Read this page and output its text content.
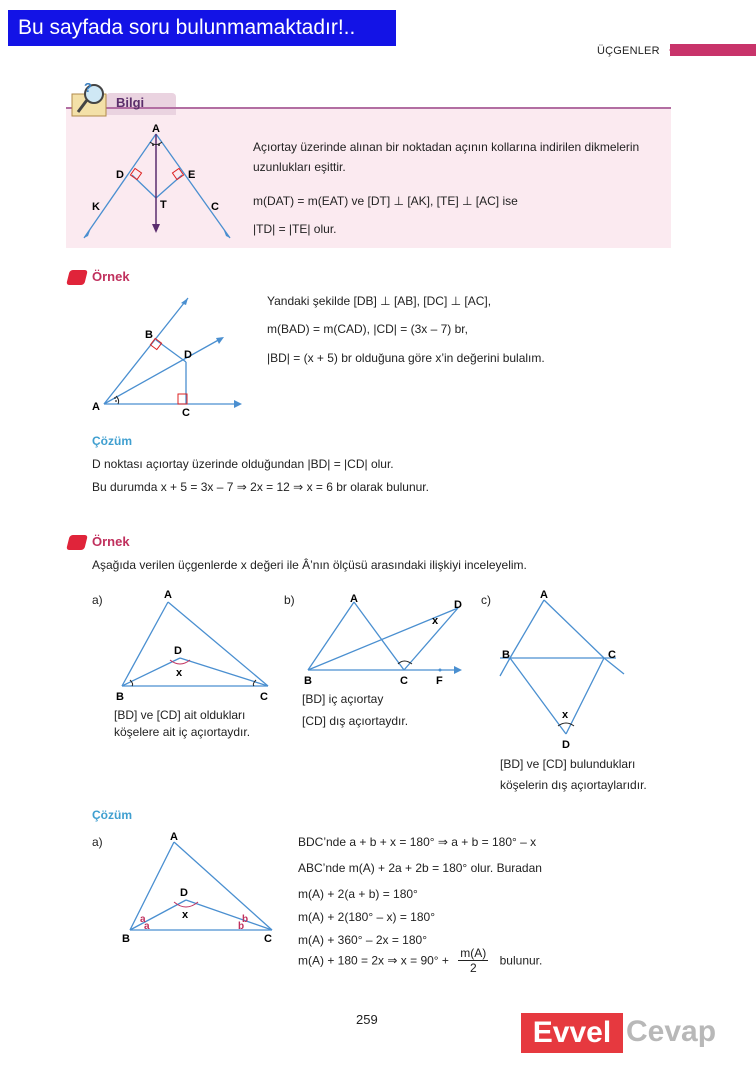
Bu sayfada soru bulunmamaktadır!..
ÜÇGENLER
?
Bilgi
A
D	E
K	T	C
Açıortay üzerinde alınan bir noktadan açının kollarına indirilen dikmelerin
uzunlukları eşittir.
m(DAT) = m(EAT) ve [DT] ⊥ [AK], [TE] ⊥ [AC] ise
|TD| = |TE| olur.
Örnek
B
D
A	C
Yandaki şekilde [DB] ⊥ [AB], [DC] ⊥ [AC],
m(BAD) = m(CAD), |CD| = (3x – 7) br,
|BD| = (x + 5) br olduğuna göre x’in değerini bulalım.
Çözüm
D noktası açıortay üzerinde olduğundan |BD| = |CD| olur.
Bu durumda x + 5 = 3x – 7 ⇒ 2x = 12 ⇒ x = 6 br olarak bulunur.
Örnek
Aşağıda verilen üçgenlerde x değeri ile Â’nın ölçüsü arasındaki ilişkiyi inceleyelim.
a)	A
D
x
B	C
[BD] ve [CD] ait oldukları
köşelere ait iç açıortaydır.
b)	A	D
x
B	C	F
[BD] iç açıortay
[CD] dış açıortaydır.
c)	A
B	C
x
D
[BD] ve [CD] bulundukları
köşelerin dış açıortaylarıdır.
Çözüm
a)	A
D
x
a
a
b
b
B	C
BDC’nde a + b + x = 180° ⇒ a + b = 180° – x
ABC’nde m(A) + 2a + 2b = 180° olur. Buradan
m(A) + 2(a + b) = 180°
m(A) + 2(180° – x) = 180°
m(A) + 360° – 2x = 180°
m(A) + 180 = 2x ⇒ $x = 90^\circ + \frac{m(A)}{2}$ bulunur.
259	Evvel Cevap
